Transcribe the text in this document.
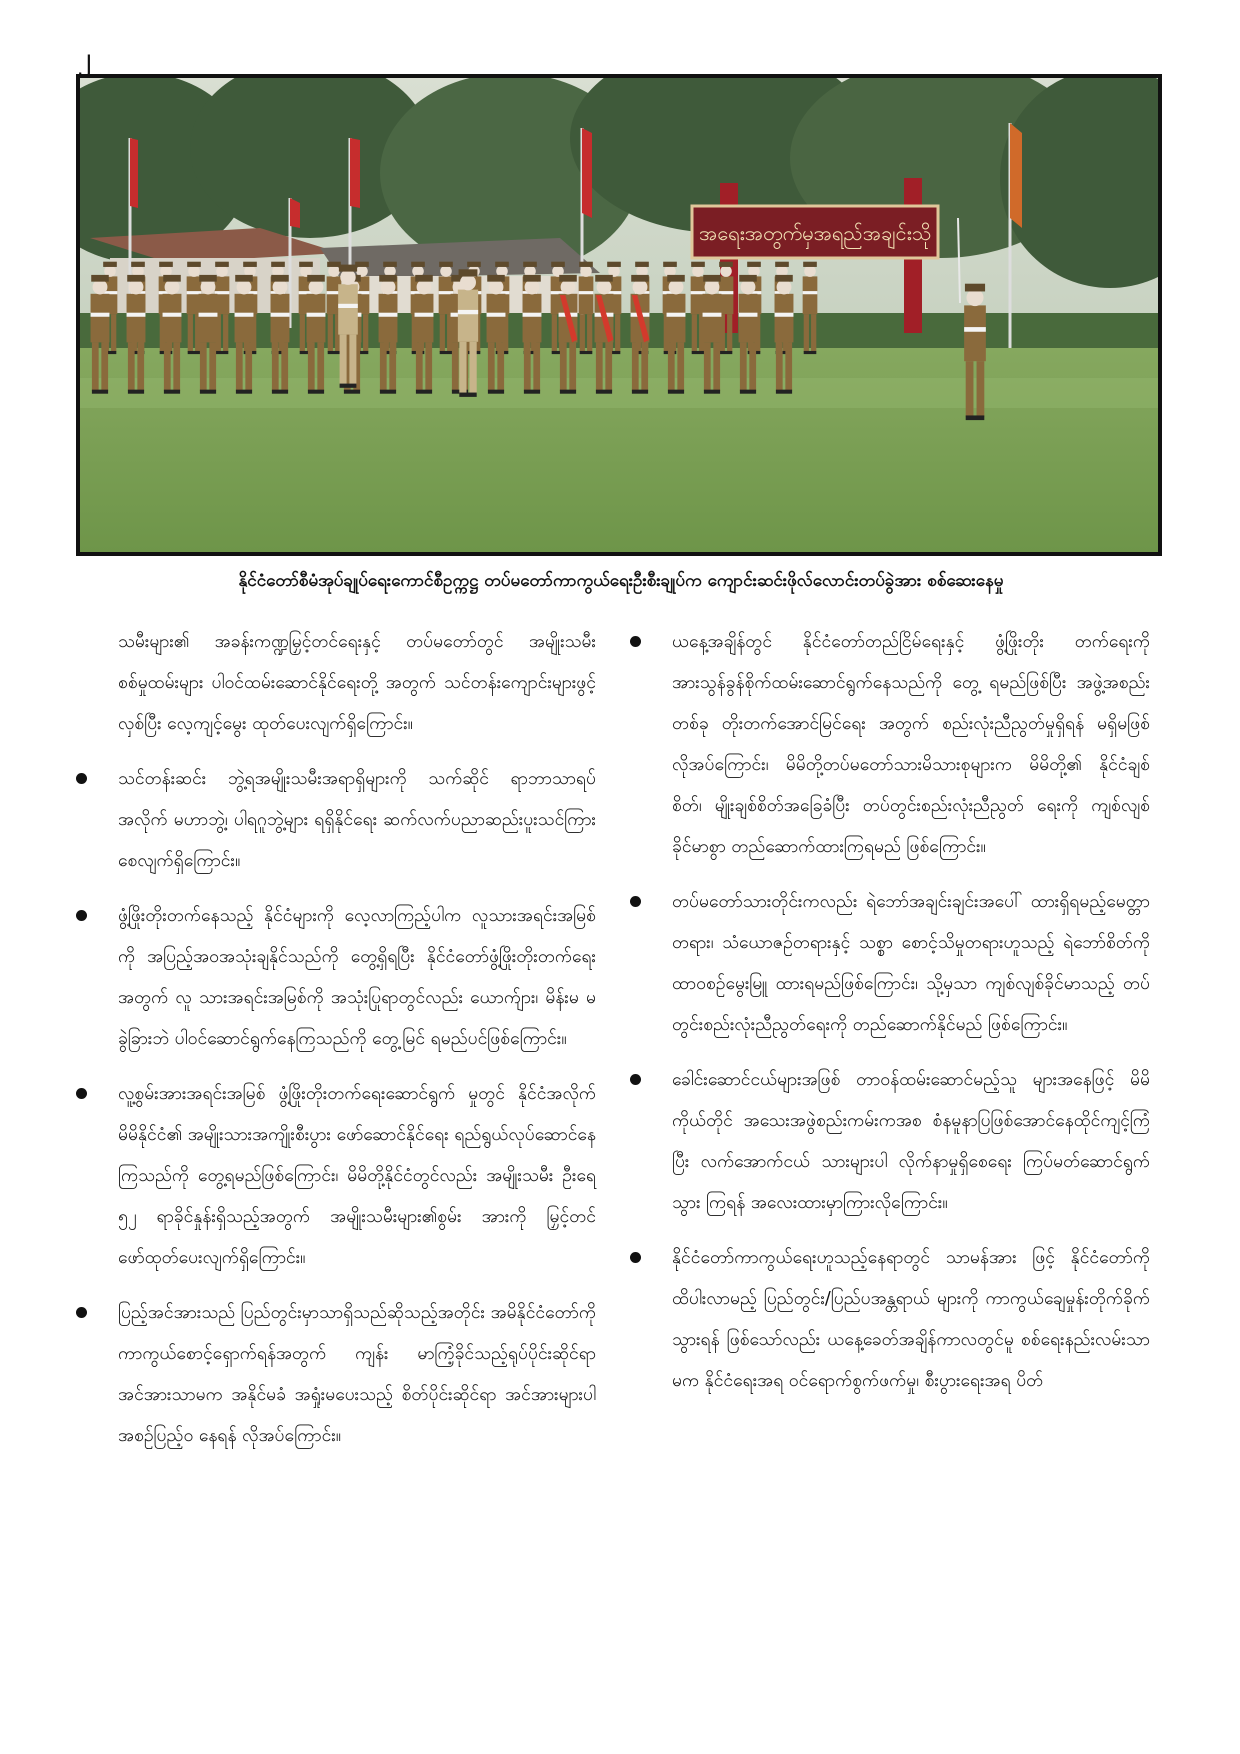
၂
အရေးအတွက်မှအရည်အချင်းသို
နိုင်ငံတော်စီမံအုပ်ချုပ်ရေးကောင်စီဥက္ကဋ္ဌ တပ်မတော်ကာကွယ်ရေးဦးစီးချုပ်က ကျောင်းဆင်းဖိုလ်လောင်းတပ်ခွဲအား စစ်ဆေးနေမှု
သမီးများ၏ အခန်းကဏ္ဍမြှင့်တင်ရေးနှင့် တပ်မတော်တွင် အမျိုးသမီးစစ်မှုထမ်းများ ပါဝင်ထမ်းဆောင်နိုင်ရေးတို့ အတွက် သင်တန်းကျောင်းများဖွင့်လှစ်ပြီး လေ့ကျင့်မွေး ထုတ်ပေးလျက်ရှိကြောင်း။
သင်တန်းဆင်း ဘွဲ့ရအမျိုးသမီးအရာရှိများကို သက်ဆိုင် ရာဘာသာရပ်အလိုက် မဟာဘွဲ့၊ ပါရဂူဘွဲ့များ ရရှိနိုင်ရေး ဆက်လက်ပညာဆည်းပူးသင်ကြားစေလျက်ရှိကြောင်း။
ဖွံ့ဖြိုးတိုးတက်နေသည့် နိုင်ငံများကို လေ့လာကြည့်ပါက လူသားအရင်းအမြစ်ကို အပြည့်အဝအသုံးချနိုင်သည်ကို တွေ့ရှိရပြီး နိုင်ငံတော်ဖွံ့ဖြိုးတိုးတက်ရေးအတွက် လူ သားအရင်းအမြစ်ကို အသုံးပြုရာတွင်လည်း ယောက်ျား၊ မိန်းမ မခွဲခြားဘဲ ပါဝင်ဆောင်ရွက်နေကြသည်ကို တွေ့မြင် ရမည်ပင်ဖြစ်ကြောင်း။
လူ့စွမ်းအားအရင်းအမြစ် ဖွံ့ဖြိုးတိုးတက်ရေးဆောင်ရွက် မှုတွင် နိုင်ငံအလိုက် မိမိနိုင်ငံ၏ အမျိုးသားအကျိုးစီးပွား ဖော်ဆောင်နိုင်ရေး ရည်ရွယ်လုပ်ဆောင်နေကြသည်ကို တွေ့ရမည်ဖြစ်ကြောင်း၊ မိမိတို့နိုင်ငံတွင်လည်း အမျိုးသမီး ဦးရေ ၅၂ ရာခိုင်နှုန်းရှိသည့်အတွက် အမျိုးသမီးများ၏စွမ်း အားကို မြှင့်တင်ဖော်ထုတ်ပေးလျက်ရှိကြောင်း။
ပြည့်အင်အားသည် ပြည်တွင်းမှာသာရှိသည်ဆိုသည့်အတိုင်း အမိနိုင်ငံတော်ကို ကာကွယ်စောင့်ရှောက်ရန်အတွက် ကျန်း မာကြံ့ခိုင်သည့်ရုပ်ပိုင်းဆိုင်ရာ အင်အားသာမက အနိုင်မခံ အရှုံးမပေးသည့် စိတ်ပိုင်းဆိုင်ရာ အင်အားများပါ အစဉ်ပြည့်ဝ နေရန် လိုအပ်ကြောင်း။
ယနေ့အချိန်တွင် နိုင်ငံတော်တည်ငြိမ်ရေးနှင့် ဖွံ့ဖြိုးတိုး တက်ရေးကို အားသွန်ခွန်စိုက်ထမ်းဆောင်ရွက်နေသည်ကို တွေ့ ရမည်ဖြစ်ပြီး အဖွဲ့အစည်းတစ်ခု တိုးတက်အောင်မြင်ရေး အတွက် စည်းလုံးညီညွတ်မှုရှိရန် မရှိမဖြစ်လိုအပ်ကြောင်း၊ မိမိတို့တပ်မတော်သားမိသားစုများက မိမိတို့၏ နိုင်ငံချစ် စိတ်၊ မျိုးချစ်စိတ်အခြေခံပြီး တပ်တွင်းစည်းလုံးညီညွတ် ရေးကို ကျစ်လျစ်ခိုင်မာစွာ တည်ဆောက်ထားကြရမည် ဖြစ်ကြောင်း။
တပ်မတော်သားတိုင်းကလည်း ရဲဘော်အချင်းချင်းအပေါ် ထားရှိရမည့်မေတ္တာတရား၊ သံယောဇဉ်တရားနှင့် သစ္စာ စောင့်သိမှုတရားဟူသည့် ရဲဘော်စိတ်ကို ထာဝစဉ်မွေးမြူ ထားရမည်ဖြစ်ကြောင်း၊ သို့မှသာ ကျစ်လျစ်ခိုင်မာသည့် တပ်တွင်းစည်းလုံးညီညွတ်ရေးကို တည်ဆောက်နိုင်မည် ဖြစ်ကြောင်း။
ခေါင်းဆောင်ငယ်များအဖြစ် တာဝန်ထမ်းဆောင်မည့်သူ များအနေဖြင့် မိမိကိုယ်တိုင် အသေးအဖွဲစည်းကမ်းကအစ စံနမူနာပြဖြစ်အောင်နေထိုင်ကျင့်ကြံပြီး လက်အောက်ငယ် သားများပါ လိုက်နာမှုရှိစေရေး ကြပ်မတ်ဆောင်ရွက်သွား ကြရန် အလေးထားမှာကြားလိုကြောင်း။
နိုင်ငံတော်ကာကွယ်ရေးဟူသည့်နေရာတွင် သာမန်အား ဖြင့် နိုင်ငံတော်ကိုထိပါးလာမည့် ပြည်တွင်း/ပြည်ပအန္တရာယ် များကို ကာကွယ်ချေမှုန်းတိုက်ခိုက်သွားရန် ဖြစ်သော်လည်း ယနေ့ခေတ်အချိန်ကာလတွင်မူ စစ်ရေးနည်းလမ်းသာမက နိုင်ငံရေးအရ ဝင်ရောက်စွက်ဖက်မှု၊ စီးပွားရေးအရ ပိတ်
